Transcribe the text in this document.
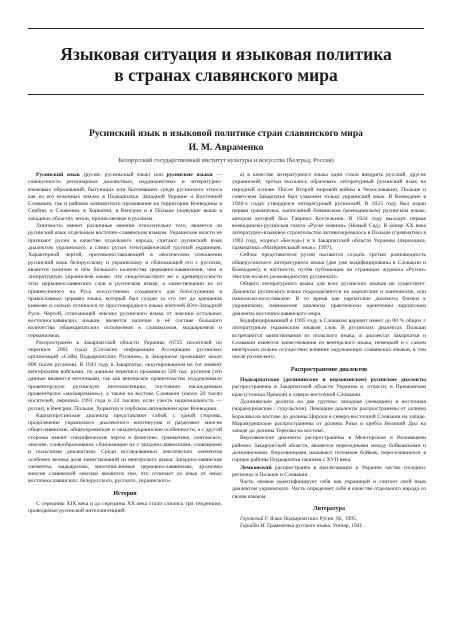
Языковая ситуация и языковая политика
в странах славянского мира
Русинский язык в языковой политике стран славянского мира
И. М. Авраменко
Белорусский государственный институт культуры и искусства (Белград, Россия)

Русинский язык (русин. русиньскый язык) или русинские языки — совокупность регионарных диалектных, наддиалектных и литературно-языковых образований, бытующих или бытовавших среди русинского этноса как из его исконных землях в Подкарпатье, Западной Украине и Восточной Словакии, так и районах компактного проживания на территории Воеводины в Сербии, в Словении, в Хорватии, в Венгрии и в Польше (живущие выше в западных областях земли, причисляемые к русинам.

Лингвисты имеют различные мнения относительно того, является ли русинский язык отдельным восточно-славянским языком. Украинские власти не признают русин в качестве отдельного народа, считают русинский язык диалектом украинского, а самих русин этнографической группой украинцев. Характерной чертой, противопоставляющей в лексическом отношении русинский язык белорусскому и украинскому и сближающей его с русским, является наличие в нём большого количества церковнославянизмов, чем в литературную украинском языке, что свидетельствует не о древнерусскости этих церковнославянских слов в русинском языке, а заимствовании их из привнесённого на Русь искусственно созданного для богослужения в православных церквях языка, который был создан за сто лет до крещения киевлян и сильно отличался от простонародного языка жителей Юго-Западной Руси. Чертой, отличающей лексику русинского языка от лексики остальных восточнославянских языков, является наличие в её составе большого количества общекарпатских полонизмов и словакизмов, мадьяризмов и германизмов.

Распространён в Закарпатской области Украины (6725 носителей по переписи 2001 года) (Согласно информации Ассоциации русинских организаций «Сойм Подкарпатских Русинов», в Закарпатье проживает около 800 тысяч русинов). В 1941 году в Закарпатье, оккупированном на тот момент венгерскими войсками, по данным переписи проживало 500 тыс. русинов (эти данные являются неточными, так как венгерское правительство поддерживало провенгерскую русинскую интеллигенцию, постоянно насаждаемым провенгерски «мальвроманн»), а также на востоке Словакии (около 20 тысяч носителей, перепись 1991 года и 24 тысячи, если учесть национальность — русин), в Венгрии, Польше, Хорватии и сербском автономном крае Воеводина.

Карпаторусинские диалекты представляют собой, с одной стороны, продолжение украинского диалектного континуума и разделяют многие общеславянские, общеукраинские и западноукраинские особенности, а с другой стороны имеют специфические черты в фонетике, грамматике, синтаксисе, лексике, словообразовании, сближающие их с западнославянскими, словацкими и польскими диалектами. Среди исследованных лексических элементов особенно велика доля заимствований из венгерского языка. Западнославянские элементы, мадьяризмы, многочисленные церковнославянизмы, архаизмы многие славянской лексики являются тем, что отличает их язык от иных восточнославянских: белорусского, русского, украинского»

История

С середины XIX века и до середины XX века стали слились три тенденции, проводимые русинской интеллигенцией:

а) в качестве литературного языка одни стали внедрять русский, другие украинский, третьи пытались образовать литературный русинский язык на народной основе. После Второй мировой войны в Чехословакии, Польше и советском Закарпатье был узаконен только украинский язык. В Воеводине в 1920-х годах утвердился литературный русинский. В 1923 году был издан первая грамматика, написанной бачванском (воеводинском) русинском языке, автором которой был Гавриил Костельник. В 1924 году выходит первая воеводинско-русинская газета «Руске новини» (Новый Сад). В конце XX века литературно-языковое строительство активизировалось в Польше (грамматика в 1992 году, журнал «Беседа») и в Закарпатской области Украины (периодика, грамматика «Материнськый язык», 1997).

Сейчас представители русин пытаются создать третью разновидность общерусинского литературного языка (две уже кодифицированы в Словакии и Воеводине), в частности, путём публикации на страницах журнала «Русин» текстов на всех разновидностях русинского.

Общего литературного языка для всех русинских языков не существует. Диалекты русинского языка подразделяются на карпатские и паннонские, или паннонско-югославские. В то время как карпатские диалекты близки к украинскому, паннонские диалекты практически идентичны карпатским диалекты восточнославянского мира.

Кодифицированный в 1995 году в Словакии вариант имеет до 80 % общих с литературным украинским языком слов. В русинских диалектах Польши встречаются заимствования из польского языка, в диалектах Закарпатья и Словакии имеются заимствования из венгерского языка, немецкий и с самом венгерском сильно осуществил влияние окружающих славянских языков, в том числе русинского.

Распространение диалектов

Подкарпатские (долинянские и верховинские) русинские диалекты распространены в Закарпатской области Украины и, отчасти, в Прешовском крае (столица Прешов) в северо-восточной Словакии.

Долинянские делятся на две группы: западная (лемацкие) и восточная (марамурешские / гуцульские). Лемацкие диалекты распространены от долины Боржавы на востоке до долины Цирохи в северо-восточной Словакии на западе. Марамурешские распространены от долины Рики и хребта Великий Дил на западе до долины Тересвы на востоке.

Верховинские диалекты распространены в Межгорском и Воловецком районах Закарпатской области, являются переходными между бойковскими и долинянскими. Верховинцами называют потомков бойков, переселившихся в горные районы Подкарпатья начиная с XVII века.

Лемковский распространён в прилегающих к Украине частях соседних регионах в Польше и Словакии.

Часть лемков идентифицирует себя как украинцей и считает свой язык диалектом украинского. Часть определяет себя в качестве отдельного народа со своим языком.

Литература

Геровский Г. Язык Подкарпатских Русин. М., 1995.

Гарайда И. Грамматика русского языка. Унгвар, 1941.
